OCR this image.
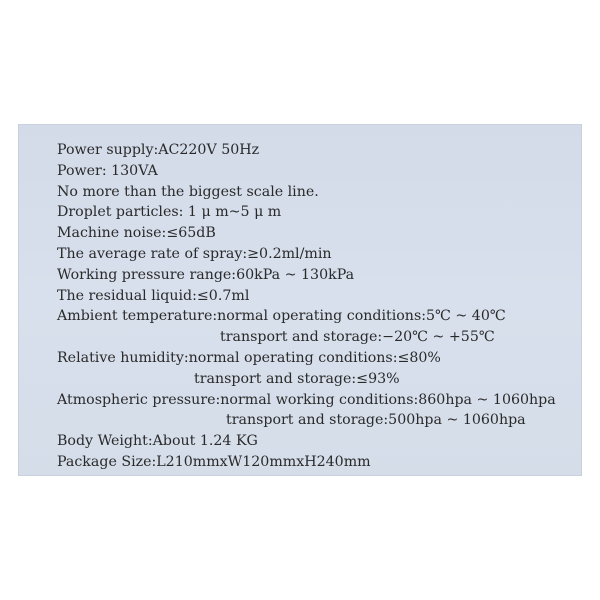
Power supply:AC220V 50Hz
Power: 130VA
No more than the biggest scale line.
Droplet particles: 1 μ m~5 μ m
Machine noise:≤65dB
The average rate of spray:≥0.2ml/min
Working pressure range:60kPa ~ 130kPa
The residual liquid:≤0.7ml
Ambient temperature:normal operating conditions:5℃ ~ 40℃
transport and storage:−20℃ ~ +55℃
Relative humidity:normal operating conditions:≤80%
transport and storage:≤93%
Atmospheric pressure:normal working conditions:860hpa ~ 1060hpa
transport and storage:500hpa ~ 1060hpa
Body Weight:About 1.24 KG
Package Size:L210mmxW120mmxH240mm
